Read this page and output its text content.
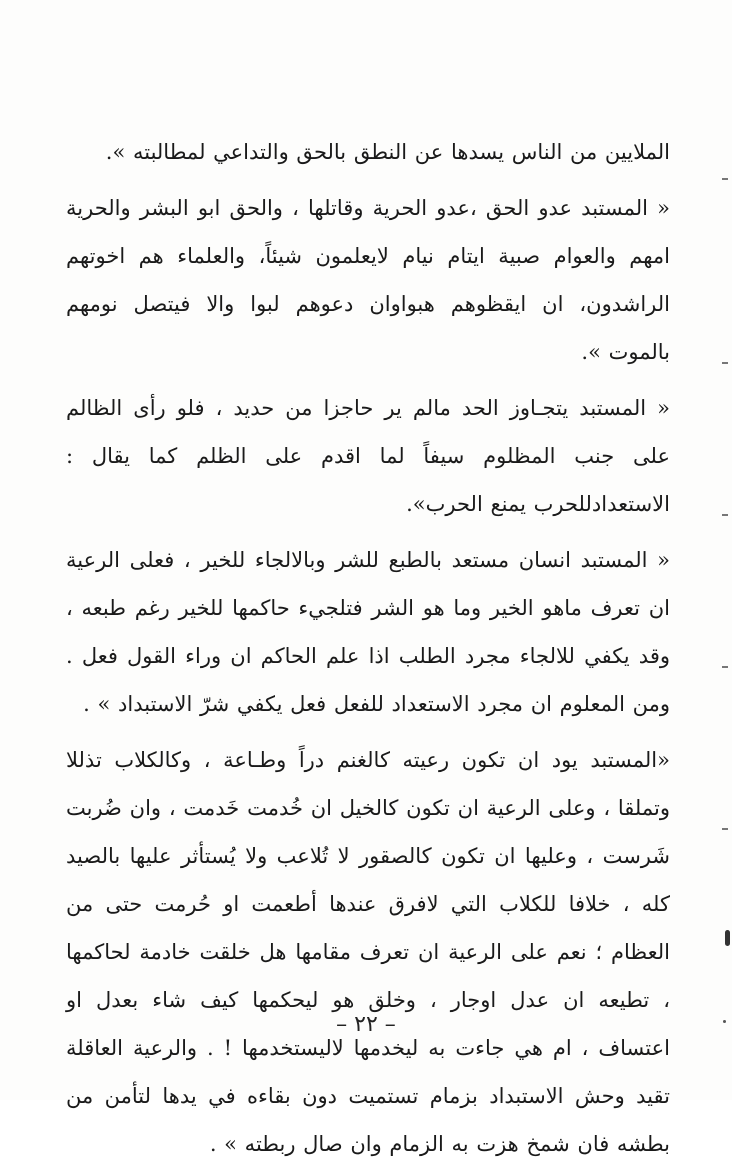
الملايين من الناس يسدها عن النطق بالحق والتداعي لمطالبته ».

« المستبد عدو الحق ،عدو الحرية وقاتلها ، والحق ابو البشر والحرية امهم والعوام صبية ايتام نيام لايعلمون شيئاً، والعلماء هم اخوتهم الراشدون، ان ايقظوهم هبواوان دعوهم لبوا والا فيتصل نومهم بالموت ».

« المستبد يتجـاوز الحد مالم ير حاجزا من حديد ، فلو رأى الظالم على جنب المظلوم سيفاً لما اقدم على الظلم كما يقال : الاستعدادللحرب يمنع الحرب».

« المستبد انسان مستعد بالطبع للشر وبالالجاء للخير ، فعلى الرعية ان تعرف ماهو الخير وما هو الشر فتلجيء حاكمها للخير رغم طبعه ، وقد يكفي للالجاء مجرد الطلب اذا علم الحاكم ان وراء القول فعل . ومن المعلوم ان مجرد الاستعداد للفعل فعل يكفي شرّ الاستبداد » .

«المستبد يود ان تكون رعيته كالغنم دراً وطـاعة ، وكالكلاب تذللا وتملقا ، وعلى الرعية ان تكون كالخيل ان خُدمت خَدمت ، وان ضُربت شَرست ، وعليها ان تكون كالصقور لا تُلاعب ولا يُستأثر عليها بالصيد كله ، خلافا للكلاب التي لافرق عندها أطعمت او حُرمت حتى من العظام ؛ نعم على الرعية ان تعرف مقامها هل خلقت خادمة لحاكمها ، تطيعه ان عدل اوجار ، وخلق هو ليحكمها كيف شاء بعدل او اعتساف ، ام هي جاءت به ليخدمها لاليستخدمها ! . والرعية العاقلة تقيد وحش الاستبداد بزمام تستميت دون بقاءه في يدها لتأمن من بطشه فان شمخ هزت به الزمام وان صال ربطته » .

– ٢٢ –
